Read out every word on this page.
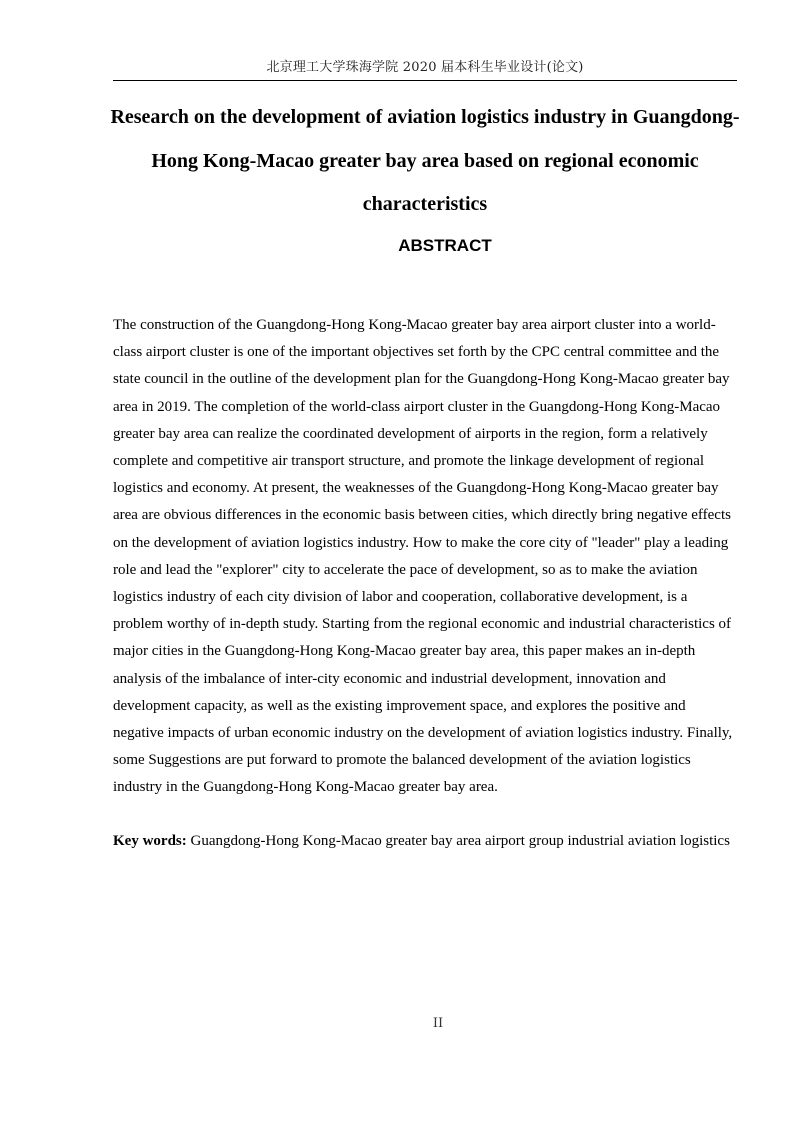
北京理工大学珠海学院 2020 届本科生毕业设计(论文)
Research on the development of aviation logistics industry in Guangdong-Hong Kong-Macao greater bay area based on regional economic characteristics
ABSTRACT

The construction of the Guangdong-Hong Kong-Macao greater bay area airport cluster into a world-class airport cluster is one of the important objectives set forth by the CPC central committee and the state council in the outline of the development plan for the Guangdong-Hong Kong-Macao greater bay area in 2019. The completion of the world-class airport cluster in the Guangdong-Hong Kong-Macao greater bay area can realize the coordinated development of airports in the region, form a relatively complete and competitive air transport structure, and promote the linkage development of regional logistics and economy. At present, the weaknesses of the Guangdong-Hong Kong-Macao greater bay area are obvious differences in the economic basis between cities, which directly bring negative effects on the development of aviation logistics industry. How to make the core city of "leader" play a leading role and lead the "explorer" city to accelerate the pace of development, so as to make the aviation logistics industry of each city division of labor and cooperation, collaborative development, is a problem worthy of in-depth study. Starting from the regional economic and industrial characteristics of major cities in the Guangdong-Hong Kong-Macao greater bay area, this paper makes an in-depth analysis of the imbalance of inter-city economic and industrial development, innovation and development capacity, as well as the existing improvement space, and explores the positive and negative impacts of urban economic industry on the development of aviation logistics industry. Finally, some Suggestions are put forward to promote the balanced development of the aviation logistics industry in the Guangdong-Hong Kong-Macao greater bay area.

Key words: Guangdong-Hong Kong-Macao greater bay area airport group industrial aviation logistics

II
